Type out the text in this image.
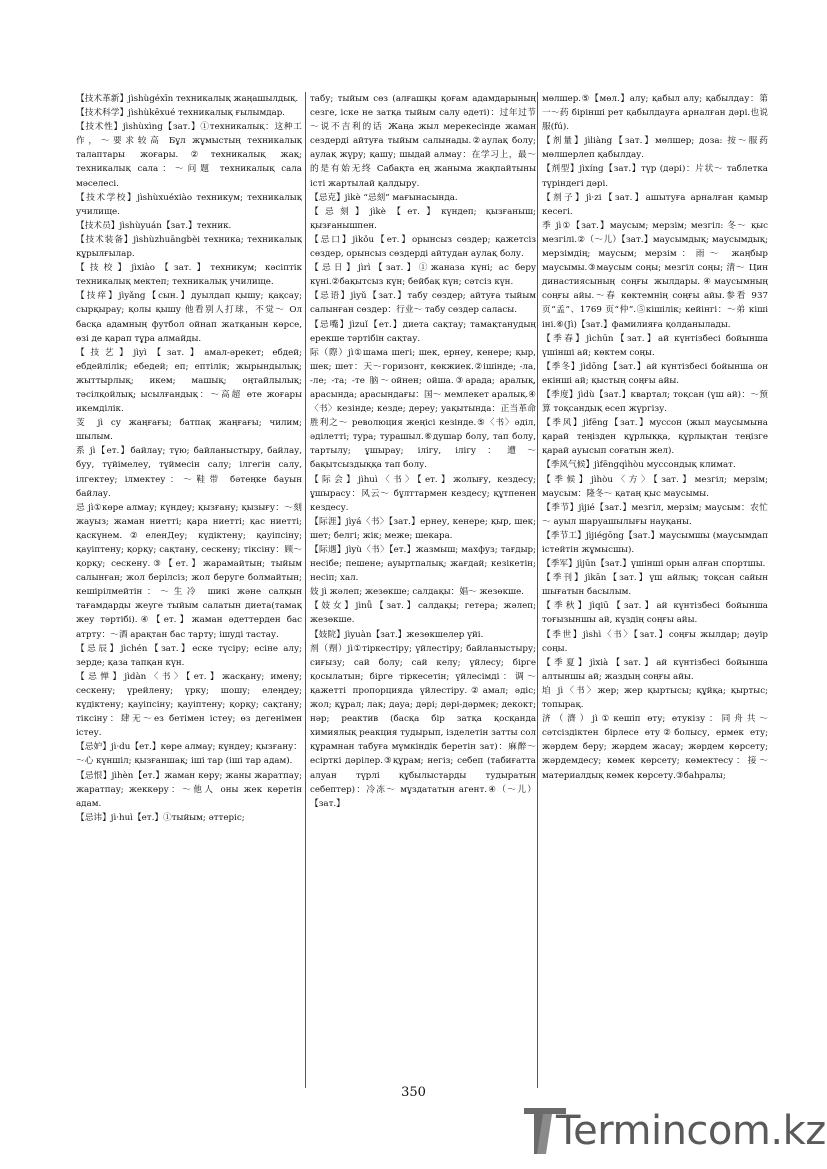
【技术革新】jìshùgéxīn техникалық жаңашылдық.

【技术科学】jìshùkēxué техникалық ғылымдар.

【技术性】jìshùxìng【зат.】①техникалық：这种工作，～要求较高 Бұл жұмыстың техникалық талаптары жоғары.②техникалық жақ; техникалық сала：～问题 техникалық сала мәселесі.

【技术学校】jìshùxuéxiào техникум; техникалық училище.

【技术员】jìshùyuán【зат.】техник.

【技术装备】jìshùzhuāngbèi техника; техникалық құрылғылар.

【技校】jìxiào【зат.】техникум; кәсіптік техникалық мектеп; техникалық училище.

【技痒】jìyǎng【сын.】дуылдап қышу; қақсау; сырқырау; қолы қышу 他看别人打球，不觉～ Ол басқа адамның футбол ойнап жатқанын көрсе, өзі де қарап тұра алмайды.

【技艺】jìyì【зат.】амал-әрекет; ебдей; ебдейлілік; ебедей; еп; ептілік; жырындылық; жыттырлық; икем; машық; оңтайлылық; тәсілқойлық; ысылғандық：～高超 өте жоғары икемділік.

芰 jì су жаңғағы; батпақ жаңғағы; чилим; шылым.

系 jì【ет.】байлау; түю; байланыстыру, байлау, буу, түйімелеу, түймесін салу; ілгегін салу, ілгектеу; ілмектеу：～鞋带 бәтеңке бауын байлау.

忌 jì①көре алмау; күндеу; қызғану; қызығу：～刻 жауыз; жаман ниетті; қара ниетті; қас ниетті; қаскүнем.②еленДеу; күдіктену; қауіпсіну; қауіптену; қорқу; сақтану, сескену; тіксіну：顾～ қорқу; сескену.③【ет.】жарамайтын; тыйым салынған; жол берілсіз; жол беруге болмайтын; кешірілмейтін：～生冷 шикі және салқын тағамдарды жеуге тыйым салатын диета(тамақ жеу тәртібі).④【ет.】жаман әдеттерден бас атрту：～酒 арақтан бас тарту; ішуді тастау.

【忌辰】jìchén【зат.】еске түсіру; есіне алу; зерде; қаза тапқан күн.

【忌惮】jìdàn〈书〉【ет.】жасқану; имену; сескену; үрейлену; үрку; шошу; елеңдеу; күдіктену; қауіпсіну; қауіптену; қорқу; сақтану; тіксіну：肆无～ез бетімен істеу; өз дегенімен істеу.

【忌妒】jì·du【ет.】көре алмау; күндеу; қызғану：～心 күншіл; қызғаншақ; іші тар (іші тар адам).

【忌恨】jìhèn【ет.】жаман көру; жаны жаратпау; жаратпау; жеккөру：～他人 оны жек көретін адам.

【忌讳】jì·huì【ет.】①тыйым; әттеріс;

табу; тыйым сөз (алғашқы қоғам адамдарының сезге, іске не затқа тыйым салу әдеті)：过年过节～说不吉利的话 Жаңа жыл мерекесінде жаман сездерді айтуға тыйым салынады.②аулақ болу; аулақ жүру; қашу; шыдай алмау：在学习上，最～的是有始无终 Сабақта ең жаныма жақпайтыны істі жартылай қалдыру.

【忌克】jìkè “忌刻” мағынасында.

【忌刻】jìkè【ет.】күндеп; қызғаныш; қызғанышпен.

【忌口】jìkǒu【ет.】орынсыз сөздер; қажетсіз сөздер, орынсыз сөздерді айтудан аулақ болу.

【忌日】jìrì【зат.】①жаназа күні; ас беру күні.②бақытсыз күн; бейбақ күн; сәтсіз күн.

【忌语】jìyǔ【зат.】табу сөздер; айтуға тыйым салынған сөздер：行业～ табу сөздер саласы.

【忌嘴】jìzuǐ【ет.】диета сақтау; тамақтанудың ерекше тәртібін сақтау.

际（際）jì①шама шегі; шек, ернеу, кенере; қыр, шек; шет：天～горизонт, көкжиек.②ішінде; -ла, -ле; -та; -те 脑～ойнен; ойша.③арада; аралық, арасында; арасындағы：国～ мемлекет аралық.④〈书〉кезінде; кезде; дереу; уақытында：正当革命胜利之～ революция жеңісі кезінде.⑤〈书〉әділ, әділетті; тура; турашыл.⑥душар болу, тап болу, тартылу; ұшырау; ілігу, ілігу：遭～ бақытсыздыққа тап болу.

【际会】jìhuì〈书〉【ет.】жолығу, кездесу; ұшырасу：风云～ бұлттармен кездесу; құтпенен кездесу.

【际涯】jìyá〈书〉【зат.】ернеу, кенере; қыр, шек; шет; белгі; жік; меже; шекара.

【际遇】jìyù〈书〉【ет.】жазмыш; махфуз; тағдыр; несібе; пешене; ауыртпалық; жағдай; кезікетін; несіп; хал.

妓 jì жәлеп; жезөкше; салдақы：娼～ жезөкше.

【妓女】jìnǚ【зат.】салдақы; гетера; жәлеп; жезөкше.

【妓院】jìyuàn【зат.】жезөкшелер үйі.

剂（劑）jì①тіркестіру; үйлестіру; байланыстыру; сиғызу; сай болу; сай келу; үйлесу; бірге қосылатын; бірге тіркесетін; үйлесімді：调～ қажетті пропорцияда үйлестіру.②амал; әдіс; жол; құрал; лак; дауа; дәрі; дәрі-дәрмек; декокт; нәр; реактив (басқа бір затқа қосқанда химиялық реакция тудырып, ізделетін затты сол құрамнан табуға мүмкіндік беретін зат)：麻醉～есірткі дәрілер.③құрам; негіз; себеп (табиғатта алуан түрлі құбылыстарды тудыратын себептер)：冷冻～ мұздататын агент.④（～儿）【зат.】

мөлшер.⑤【мөл.】алу; қабыл алу; қабылдау：第一～药 бірінші рет қабылдауға арналған дәрі.也说服(fú).

【剂量】jìliàng【зат.】мөлшер; доза: 按～服药 мөлшерлеп қабылдау.

【剂型】jìxíng【зат.】түр (дәрі)：片状～ таблетка түріндегі дәрі.

【剂子】jì·zi【зат.】ашытуға арналған қамыр кесегі.

季 jì①【зат.】маусым; мерзім; мезгіл: 冬～ қыс мезгілі.②（～儿）【зат.】маусымдық; маусымдық; мерзімдің; маусым; мерзім：雨～ жаңбыр маусымы.③маусым соңы; мезгіл соңы; 清～ Цин династиясының соңғы жылдары.④маусымның соңғы айы.～春 көктемнің соңғы айы.参看 937 页“孟”、1769 页“仲”.⑤кішілік; кейінгі：～弟 кіші іні.⑥(Jì)【зат.】фамилияға қолданылады.

【季春】jìchūn【зат.】ай күнтізбесі бойынша үшінші ай; көктем соңы.

【季冬】jìdōng【зат.】ай күнтізбесі бойынша он екінші ай; қыстың соңғы айы.

【季度】jìdù【зат.】квартал; тоқсан (үш ай)：～预算 тоқсандық есеп жүргізу.

【季风】jìfēng【зат.】муссон (жыл маусымына қарай теңізден құрлыққа, құрлықтан теңізге қарай ауысып соғатын жел).

【季风气候】jìfēngqìhòu муссондық климат.

【季候】jìhòu〈方〉【зат.】мезгіл; мерзім; маусым：隆冬～ қатаң қыс маусымы.

【季节】jìjié【зат.】мезгіл, мерзім; маусым：农忙～ ауыл шаруашылығы науқаны.

【季节工】jìjiégōng【зат.】маусымшы (маусымдап істейтін жұмысшы).

【季军】jìjūn【зат.】үшінші орын алған спортшы.

【季刊】jìkān【зат.】үш айлық; тоқсан сайын шығатын басылым.

【季秋】jìqiū【зат.】ай күнтізбесі бойынша тоғызыншы ай, күздің соңғы айы.

【季世】jìshì〈书〉【зат.】соңғы жылдар; дәуір соңы.

【季夏】jìxià【зат.】ай күнтізбесі бойынша алтыншы ай; жаздың соңғы айы.

垍 jì〈书〉жер; жер қыртысы; құйқа; қыртыс; топырақ.

济（濟）jì①кешіп өту; өтукізу：同舟共～ сәтсіздіктен бірлесе өту②болысу, ермек ету; жәрдем беру; жәрдем жасау; жәрдем көрсету; жәрдемдесу; көмек көрсету; көмектесу：接～ материалдық көмек көрсету.③баһралы;

350
Termincom.kz
